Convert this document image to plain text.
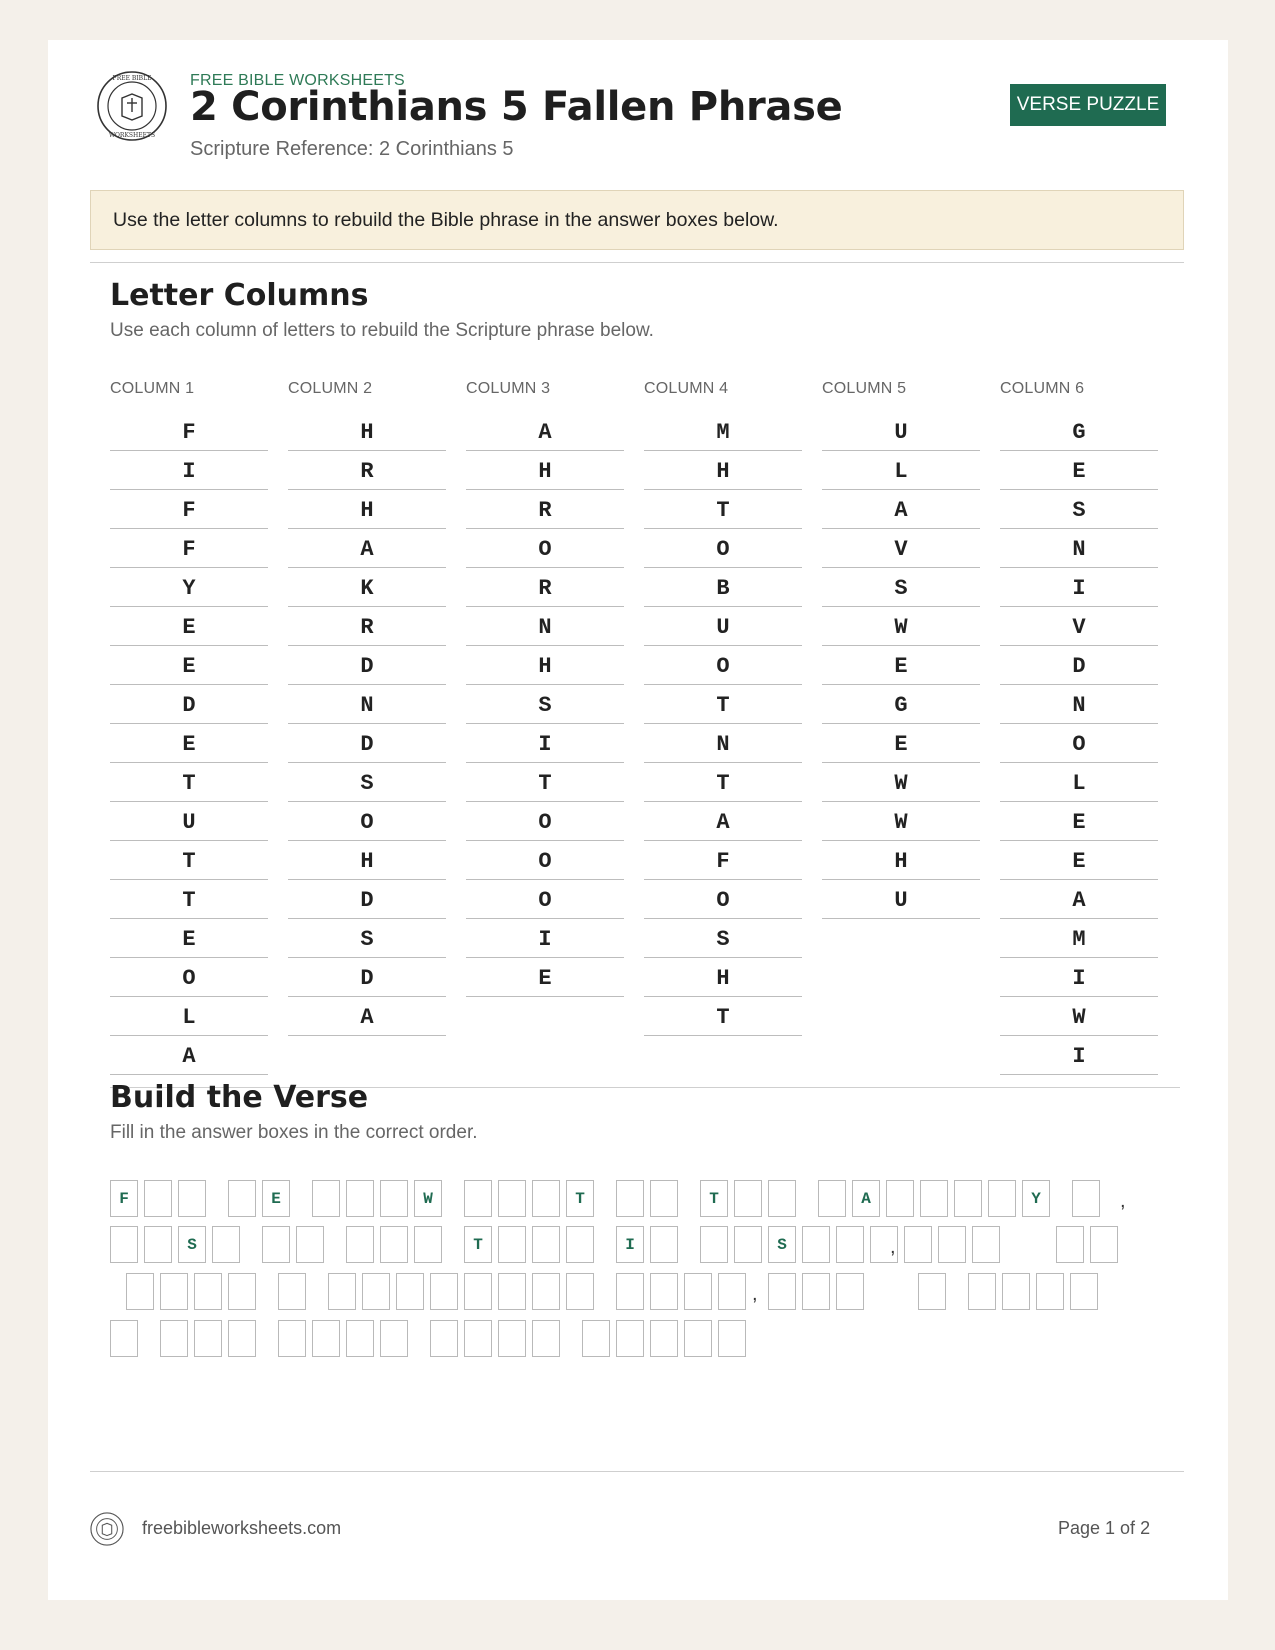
FREE BIBLE
WORKSHEETS
FREE BIBLE WORKSHEETS
2 Corinthians 5 Fallen Phrase
Scripture Reference: 2 Corinthians 5
VERSE PUZZLE
Use the letter columns to rebuild the Bible phrase in the answer boxes below.
Letter Columns
Use each column of letters to rebuild the Scripture phrase below.
COLUMN 1
F
I
F
F
Y
E
E
D
E
T
U
T
T
E
O
L
A
COLUMN 2
H
R
H
A
K
R
D
N
D
S
O
H
D
S
D
A
COLUMN 3
A
H
R
O
R
N
H
S
I
T
O
O
O
I
E
COLUMN 4
M
H
T
O
B
U
O
T
N
T
A
F
O
S
H
T
COLUMN 5
U
L
A
V
S
W
E
G
E
W
W
H
U
COLUMN 6
G
E
S
N
I
V
D
N
O
L
E
E
A
M
I
W
I
Build the Verse
Fill in the answer boxes in the correct order.
F	E	W	T	T	A	Y	,
S	T	I	S	,
,
freebibleworksheets.com	Page 1 of 2
